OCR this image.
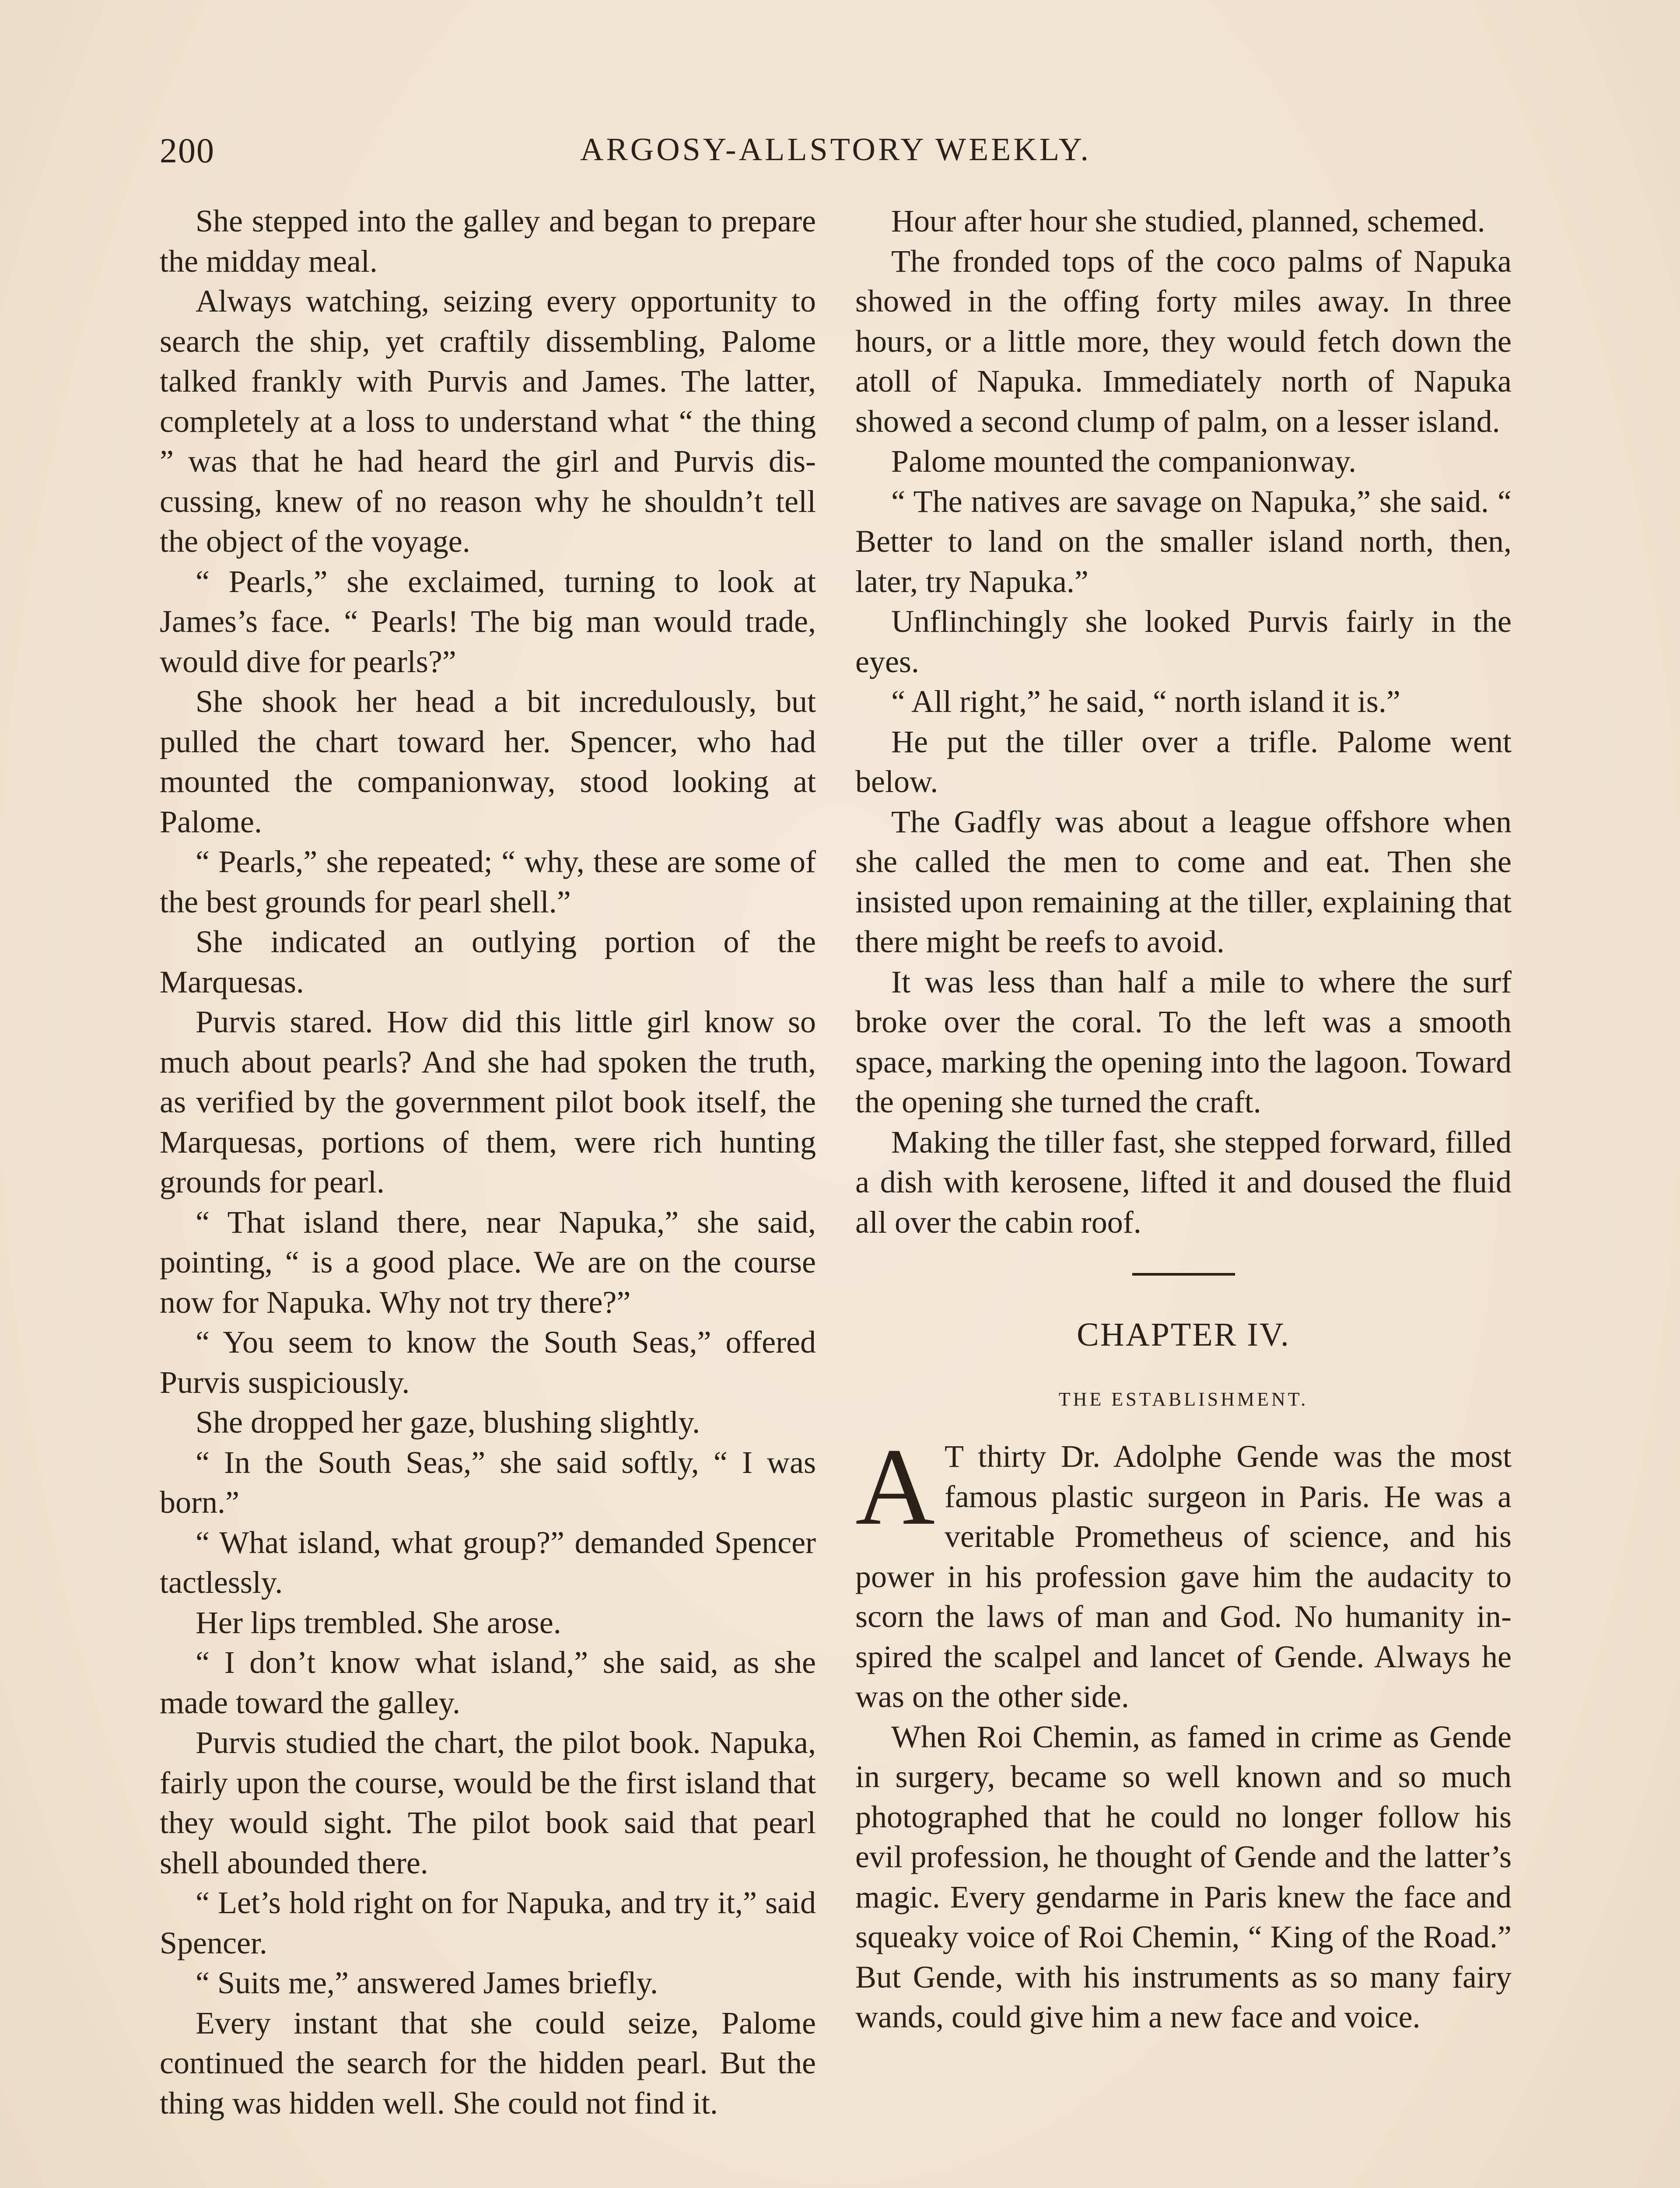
200	ARGOSY-ALLSTORY WEEKLY.

She stepped into the galley and began to prepare the midday meal.

Always watching, seizing every opportunity to search the ship, yet craftily dissembling, Palome talked frankly with Purvis and James. The latter, completely at a loss to understand what “ the thing ” was that he had heard the girl and Purvis discussing, knew of no reason why he shouldn’t tell the object of the voyage.

“ Pearls,” she exclaimed, turning to look at James’s face. “ Pearls! The big man would trade, would dive for pearls?”

She shook her head a bit incredulously, but pulled the chart toward her. Spencer, who had mounted the companionway, stood looking at Palome.

“ Pearls,” she repeated; “ why, these are some of the best grounds for pearl shell.”

She indicated an outlying portion of the Marquesas.

Purvis stared. How did this little girl know so much about pearls? And she had spoken the truth, as verified by the government pilot book itself, the Marquesas, portions of them, were rich hunting grounds for pearl.

“ That island there, near Napuka,” she said, pointing, “ is a good place. We are on the course now for Napuka. Why not try there?”

“ You seem to know the South Seas,” offered Purvis suspiciously.

She dropped her gaze, blushing slightly.

“ In the South Seas,” she said softly, “ I was born.”

“ What island, what group?” demanded Spencer tactlessly.

Her lips trembled. She arose.

“ I don’t know what island,” she said, as she made toward the galley.

Purvis studied the chart, the pilot book. Napuka, fairly upon the course, would be the first island that they would sight. The pilot book said that pearl shell abounded there.

“ Let’s hold right on for Napuka, and try it,” said Spencer.

“ Suits me,” answered James briefly.

Every instant that she could seize, Palome continued the search for the hidden pearl. But the thing was hidden well. She could not find it.

Hour after hour she studied, planned, schemed.

The fronded tops of the coco palms of Napuka showed in the offing forty miles away. In three hours, or a little more, they would fetch down the atoll of Napuka. Immediately north of Napuka showed a second clump of palm, on a lesser island.

Palome mounted the companionway.

“ The natives are savage on Napuka,” she said. “ Better to land on the smaller island north, then, later, try Napuka.”

Unflinchingly she looked Purvis fairly in the eyes.

“ All right,” he said, “ north island it is.”

He put the tiller over a trifle. Palome went below.

The Gadfly was about a league offshore when she called the men to come and eat. Then she insisted upon remaining at the tiller, explaining that there might be reefs to avoid.

It was less than half a mile to where the surf broke over the coral. To the left was a smooth space, marking the opening into the lagoon. Toward the opening she turned the craft.

Making the tiller fast, she stepped forward, filled a dish with kerosene, lifted it and doused the fluid all over the cabin roof.

CHAPTER IV.
THE ESTABLISHMENT.

A T thirty Dr. Adolphe Gende was the most famous plastic surgeon in Paris. He was a veritable Prometheus of science, and his power in his profession gave him the audacity to scorn the laws of man and God. No humanity inspired the scalpel and lancet of Gende. Always he was on the other side.

When Roi Chemin, as famed in crime as Gende in surgery, became so well known and so much photographed that he could no longer follow his evil profession, he thought of Gende and the latter’s magic. Every gendarme in Paris knew the face and squeaky voice of Roi Chemin, “ King of the Road.” But Gende, with his instruments as so many fairy wands, could give him a new face and voice.
